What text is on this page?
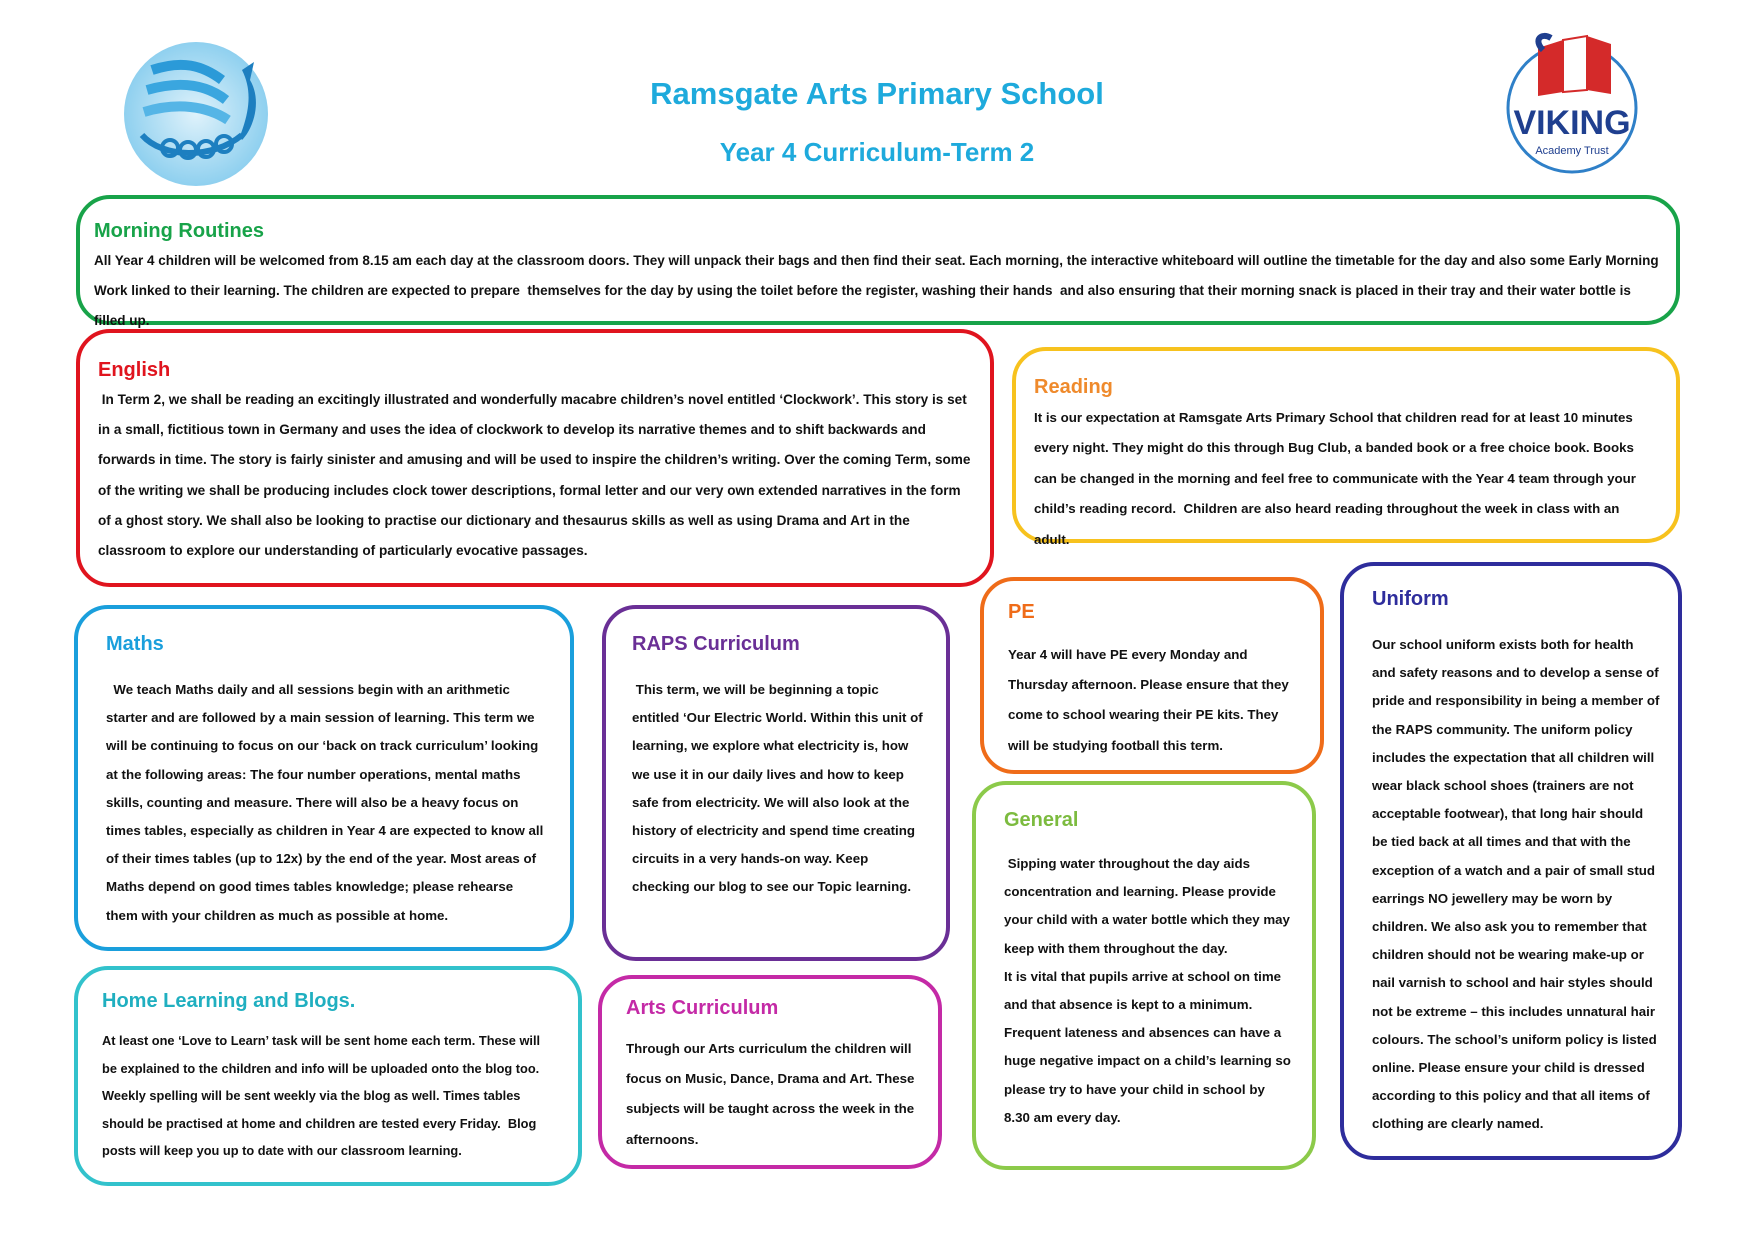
Ramsgate Arts Primary School
Year 4 Curriculum-Term 2
VIKING
Academy Trust
Morning Routines

All Year 4 children will be welcomed from 8.15 am each day at the classroom doors. They will unpack their bags and then find their seat. Each morning, the interactive whiteboard will outline the timetable for the day and also some Early Morning Work linked to their learning. The children are expected to prepare  themselves for the day by using the toilet before the register, washing their hands  and also ensuring that their morning snack is placed in their tray and their water bottle is filled up.

English

In Term 2, we shall be reading an excitingly illustrated and wonderfully macabre children’s novel entitled ‘Clockwork’. This story is set in a small, fictitious town in Germany and uses the idea of clockwork to develop its narrative themes and to shift backwards and forwards in time. The story is fairly sinister and amusing and will be used to inspire the children’s writing. Over the coming Term, some of the writing we shall be producing includes clock tower descriptions, formal letter and our very own extended narratives in the form of a ghost story. We shall also be looking to practise our dictionary and thesaurus skills as well as using Drama and Art in the classroom to explore our understanding of particularly evocative passages.

Reading

It is our expectation at Ramsgate Arts Primary School that children read for at least 10 minutes every night. They might do this through Bug Club, a banded book or a free choice book. Books can be changed in the morning and feel free to communicate with the Year 4 team through your child’s reading record.  Children are also heard reading throughout the week in class with an adult.

Maths

We teach Maths daily and all sessions begin with an arithmetic starter and are followed by a main session of learning. This term we will be continuing to focus on our ‘back on track curriculum’ looking at the following areas: The four number operations, mental maths skills, counting and measure. There will also be a heavy focus on times tables, especially as children in Year 4 are expected to know all of their times tables (up to 12x) by the end of the year. Most areas of Maths depend on good times tables knowledge; please rehearse them with your children as much as possible at home.

RAPS Curriculum

This term, we will be beginning a topic entitled ‘Our Electric World. Within this unit of learning, we explore what electricity is, how we use it in our daily lives and how to keep safe from electricity. We will also look at the history of electricity and spend time creating circuits in a very hands-on way. Keep checking our blog to see our Topic learning.

PE

Year 4 will have PE every Monday and Thursday afternoon. Please ensure that they come to school wearing their PE kits. They will be studying football this term.

Uniform

Our school uniform exists both for health and safety reasons and to develop a sense of pride and responsibility in being a member of the RAPS community. The uniform policy includes the expectation that all children will wear black school shoes (trainers are not acceptable footwear), that long hair should be tied back at all times and that with the exception of a watch and a pair of small stud earrings NO jewellery may be worn by children. We also ask you to remember that children should not be wearing make-up or nail varnish to school and hair styles should not be extreme – this includes unnatural hair colours. The school’s uniform policy is listed online. Please ensure your child is dressed according to this policy and that all items of clothing are clearly named.

General

Sipping water throughout the day aids concentration and learning. Please provide your child with a water bottle which they may keep with them throughout the day.
It is vital that pupils arrive at school on time and that absence is kept to a minimum. Frequent lateness and absences can have a huge negative impact on a child’s learning so please try to have your child in school by 8.30 am every day.

Home Learning and Blogs.

At least one ‘Love to Learn’ task will be sent home each term. These will be explained to the children and info will be uploaded onto the blog too. Weekly spelling will be sent weekly via the blog as well. Times tables should be practised at home and children are tested every Friday.  Blog posts will keep you up to date with our classroom learning.

Arts Curriculum

Through our Arts curriculum the children will focus on Music, Dance, Drama and Art. These subjects will be taught across the week in the afternoons.
